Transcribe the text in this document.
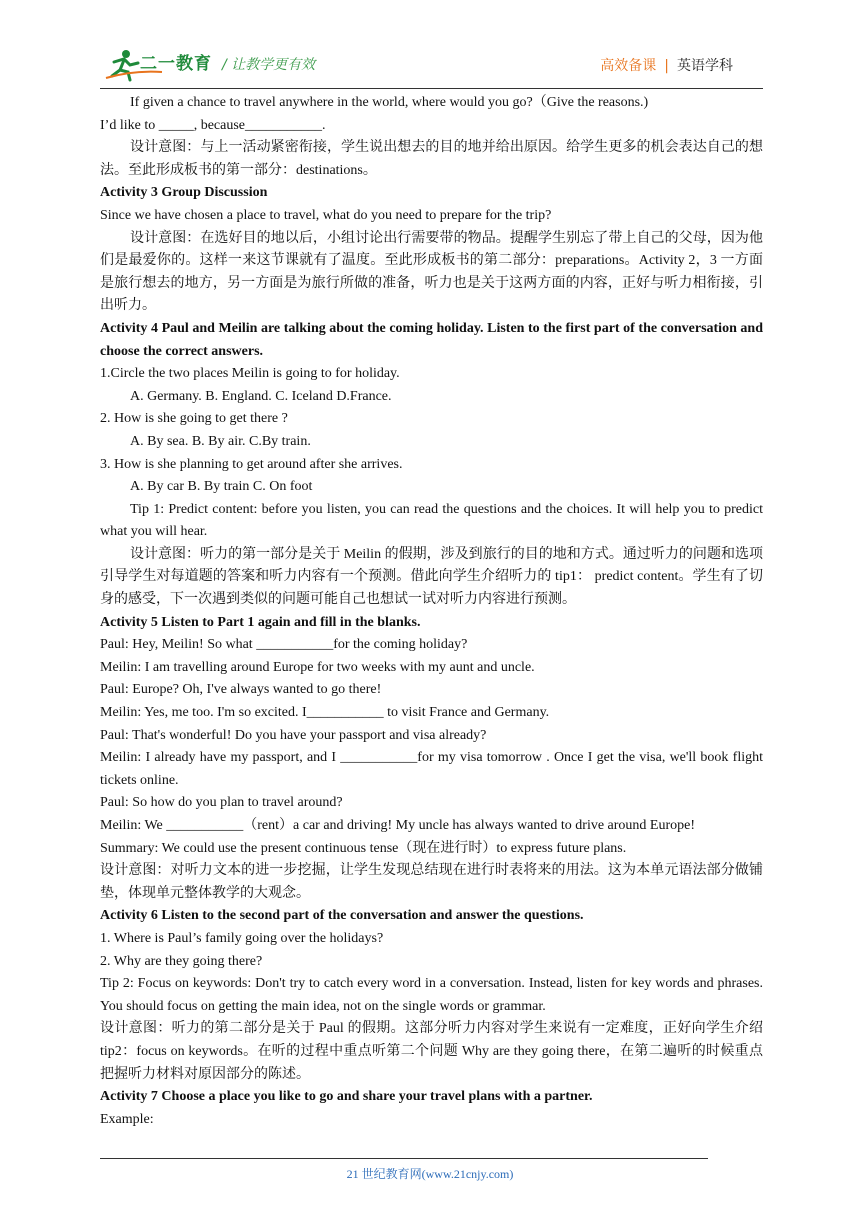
二一教育 / 让教学更有效	高效备课 | 英语学科

If given a chance to travel anywhere in the world, where would you go?（Give the reasons.)

I’d like to _____, because___________.

设计意图：与上一活动紧密衔接，学生说出想去的目的地并给出原因。给学生更多的机会表达自己的想法。至此形成板书的第一部分：destinations。

Activity 3 Group Discussion

Since we have chosen a place to travel, what do you need to prepare for the trip?

设计意图：在选好目的地以后，小组讨论出行需要带的物品。提醒学生别忘了带上自己的父母，因为他们是最爱你的。这样一来这节课就有了温度。至此形成板书的第二部分：preparations。Activity 2，3 一方面是旅行想去的地方，另一方面是为旅行所做的准备，听力也是关于这两方面的内容，正好与听力相衔接，引出听力。

Activity 4 Paul and Meilin are talking about the coming holiday. Listen to the first part of the conversation and choose the correct answers.

1.Circle the two places Meilin is going to for holiday.

A. Germany. B. England. C. Iceland D.France.

2. How is she going to get there ?

A. By sea. B. By air. C.By train.

3. How is she planning to get around after she arrives.

A. By car B. By train C. On foot

Tip 1: Predict content: before you listen, you can read the questions and the choices. It will help you to predict what you will hear.

设计意图：听力的第一部分是关于 Meilin 的假期，涉及到旅行的目的地和方式。通过听力的问题和选项引导学生对每道题的答案和听力内容有一个预测。借此向学生介绍听力的 tip1： predict content。学生有了切身的感受，下一次遇到类似的问题可能自己也想试一试对听力内容进行预测。

Activity 5 Listen to Part 1 again and fill in the blanks.

Paul: Hey, Meilin! So what ___________for the coming holiday?

Meilin: I am travelling around Europe for two weeks with my aunt and uncle.

Paul: Europe? Oh, I've always wanted to go there!

Meilin: Yes, me too. I'm so excited. I___________ to visit France and Germany.

Paul: That's wonderful! Do you have your passport and visa already?

Meilin: I already have my passport, and I ___________for my visa tomorrow . Once I get the visa, we'll book flight tickets online.

Paul: So how do you plan to travel around?

Meilin: We ___________（rent）a car and driving! My uncle has always wanted to drive around Europe!

Summary: We could use the present continuous tense（现在进行时）to express future plans.

设计意图：对听力文本的进一步挖掘，让学生发现总结现在进行时表将来的用法。这为本单元语法部分做铺垫，体现单元整体教学的大观念。

Activity 6 Listen to the second part of the conversation and answer the questions.

1. Where is Paul’s family going over the holidays?

2. Why are they going there?

Tip 2: Focus on keywords: Don't try to catch every word in a conversation. Instead, listen for key words and phrases. You should focus on getting the main idea, not on the single words or grammar.

设计意图：听力的第二部分是关于 Paul 的假期。这部分听力内容对学生来说有一定难度，正好向学生介绍 tip2：focus on keywords。在听的过程中重点听第二个问题 Why are they going there，在第二遍听的时候重点把握听力材料对原因部分的陈述。

Activity 7 Choose a place you like to go and share your travel plans with a partner.

Example:

21 世纪教育网(www.21cnjy.com)
